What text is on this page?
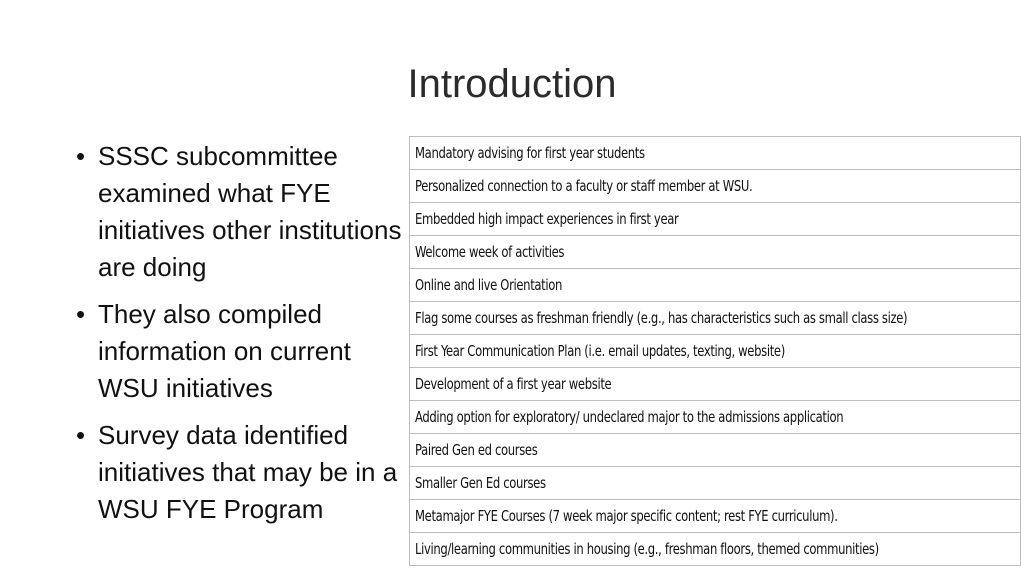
Introduction
• SSSC subcommittee examined what FYE initiatives other institutions are doing
• They also compiled information on current WSU initiatives
• Survey data identified initiatives that may be in a WSU FYE Program
Mandatory advising for first year students
Personalized connection to a faculty or staff member at WSU.
Embedded high impact experiences in first year
Welcome week of activities
Online and live Orientation
Flag some courses as freshman friendly (e.g., has characteristics such as small class size)
First Year Communication Plan (i.e. email updates, texting, website)
Development of a first year website
Adding option for exploratory/ undeclared major to the admissions application
Paired Gen ed courses
Smaller Gen Ed courses
Metamajor FYE Courses (7 week major specific content; rest FYE curriculum).
Living/learning communities in housing (e.g., freshman floors, themed communities)
